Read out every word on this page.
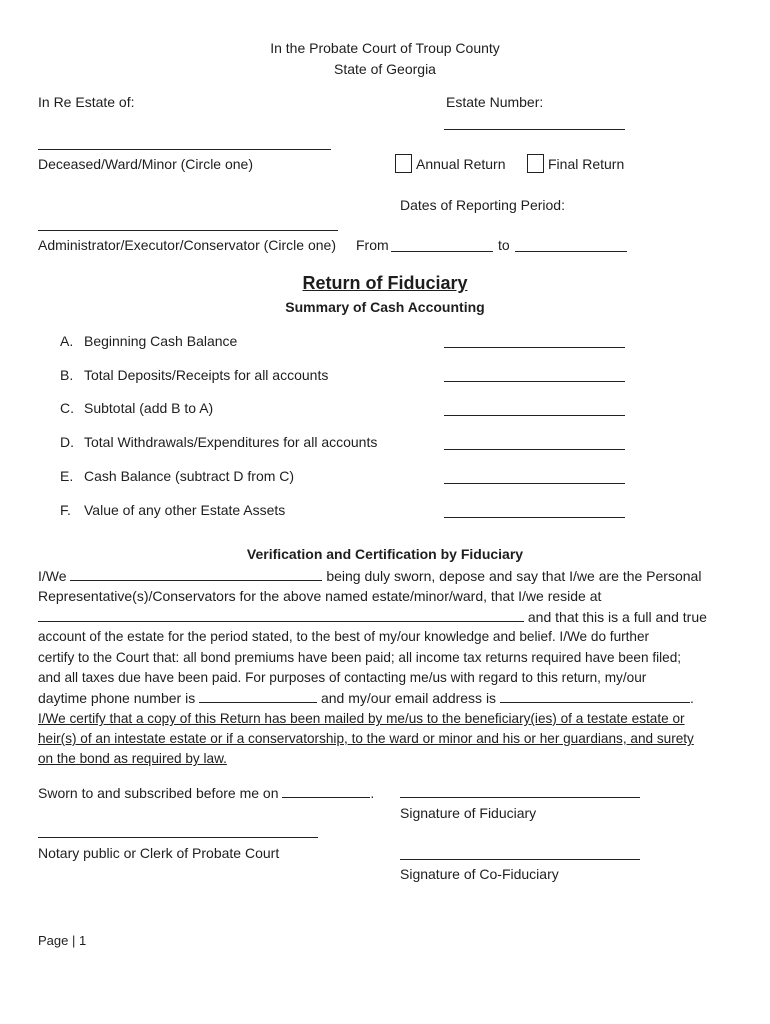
In the Probate Court of Troup County
State of Georgia
In Re Estate of:	Estate Number:
Deceased/Ward/Minor (Circle one)	Annual Return	Final Return
Dates of Reporting Period:
Administrator/Executor/Conservator (Circle one) From	to
Return of Fiduciary
Summary of Cash Accounting
A. Beginning Cash Balance
B. Total Deposits/Receipts for all accounts
C. Subtotal (add B to A)
D. Total Withdrawals/Expenditures for all accounts
E. Cash Balance (subtract D from C)
F. Value of any other Estate Assets
Verification and Certification by Fiduciary
I/We	being duly sworn, depose and say that I/we are the Personal
Representative(s)/Conservators for the above named estate/minor/ward, that I/we reside at
and that this is a full and true
account of the estate for the period stated, to the best of my/our knowledge and belief. I/We do further
certify to the Court that: all bond premiums have been paid; all income tax returns required have been filed;
and all taxes due have been paid. For purposes of contacting me/us with regard to this return, my/our
daytime phone number is	and my/our email address is	.
I/We certify that a copy of this Return has been mailed by me/us to the beneficiary(ies) of a testate estate or
heir(s) of an intestate estate or if a conservatorship, to the ward or minor and his or her guardians, and surety
on the bond as required by law.
Sworn to and subscribed before me on	.
Signature of Fiduciary
Notary public or Clerk of Probate Court
Signature of Co-Fiduciary
Page | 1
